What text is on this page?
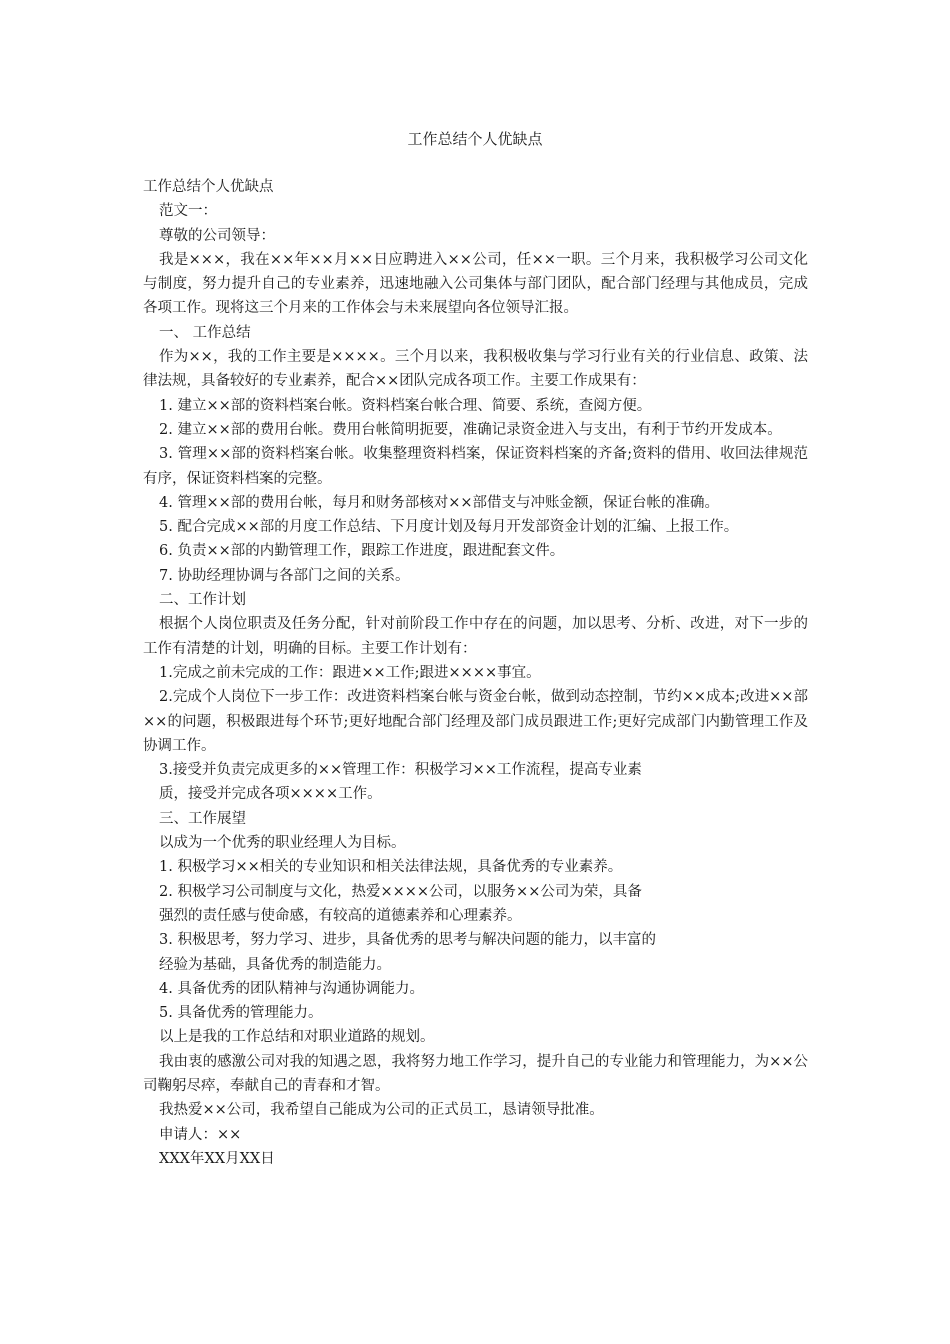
工作总结个人优缺点

工作总结个人优缺点

范文一：

尊敬的公司领导：

我是×××，我在××年××月××日应聘进入××公司，任××一职。三个月来，我积极学习公司文化与制度，努力提升自己的专业素养，迅速地融入公司集体与部门团队，配合部门经理与其他成员，完成各项工作。现将这三个月来的工作体会与未来展望向各位领导汇报。

一、 工作总结

作为××，我的工作主要是××××。三个月以来，我积极收集与学习行业有关的行业信息、政策、法律法规，具备较好的专业素养，配合××团队完成各项工作。主要工作成果有：

1. 建立××部的资料档案台帐。资料档案台帐合理、简要、系统，查阅方便。

2. 建立××部的费用台帐。费用台帐简明扼要，准确记录资金进入与支出，有利于节约开发成本。

3. 管理××部的资料档案台帐。收集整理资料档案，保证资料档案的齐备;资料的借用、收回法律规范有序，保证资料档案的完整。

4. 管理××部的费用台帐，每月和财务部核对××部借支与冲账金额，保证台帐的准确。

5. 配合完成××部的月度工作总结、下月度计划及每月开发部资金计划的汇编、上报工作。

6. 负责××部的内勤管理工作，跟踪工作进度，跟进配套文件。

7. 协助经理协调与各部门之间的关系。

二、工作计划

根据个人岗位职责及任务分配，针对前阶段工作中存在的问题，加以思考、分析、改进，对下一步的工作有清楚的计划，明确的目标。主要工作计划有：

1.完成之前未完成的工作：跟进××工作;跟进××××事宜。

2.完成个人岗位下一步工作：改进资料档案台帐与资金台帐，做到动态控制，节约××成本;改进××部××的问题，积极跟进每个环节;更好地配合部门经理及部门成员跟进工作;更好完成部门内勤管理工作及协调工作。

3.接受并负责完成更多的××管理工作：积极学习××工作流程，提高专业素

质，接受并完成各项××××工作。

三、工作展望

以成为一个优秀的职业经理人为目标。

1. 积极学习××相关的专业知识和相关法律法规，具备优秀的专业素养。

2. 积极学习公司制度与文化，热爱××××公司，以服务××公司为荣，具备

强烈的责任感与使命感，有较高的道德素养和心理素养。

3. 积极思考，努力学习、进步，具备优秀的思考与解决问题的能力，以丰富的

经验为基础，具备优秀的制造能力。

4. 具备优秀的团队精神与沟通协调能力。

5. 具备优秀的管理能力。

以上是我的工作总结和对职业道路的规划。

我由衷的感激公司对我的知遇之恩，我将努力地工作学习，提升自己的专业能力和管理能力，为××公司鞠躬尽瘁，奉献自己的青春和才智。

我热爱××公司，我希望自己能成为公司的正式员工，恳请领导批准。

申请人：××

XXX年XX月XX日
